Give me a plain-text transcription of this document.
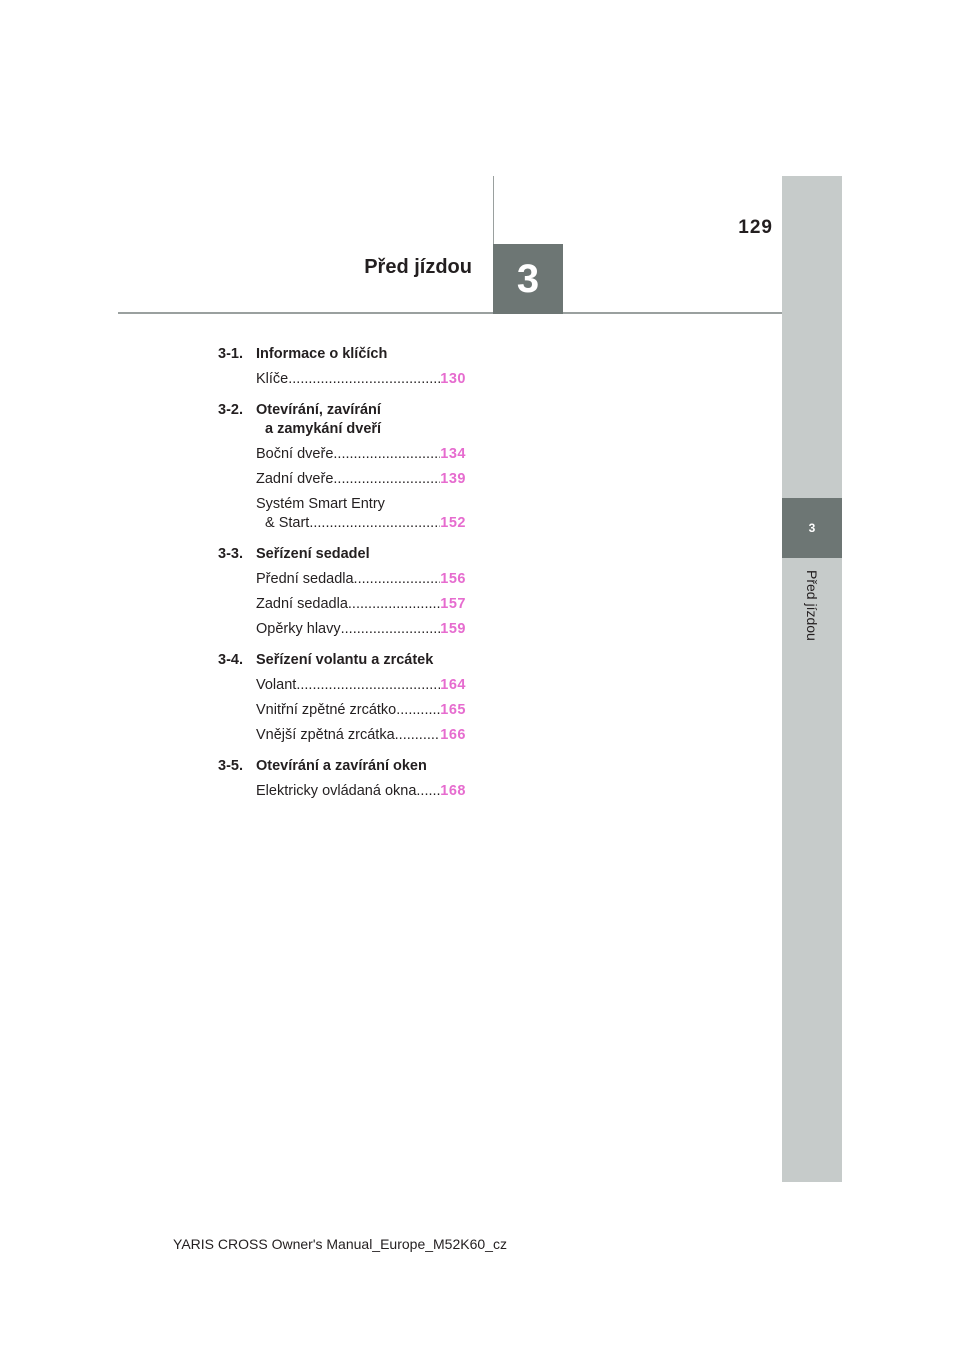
3
Před jízdou
129
Před jízdou 3
3-1. Informace o klíčích
Klíče .....	130
3-2. Otevírání, zavírání
a zamykání dveří
Boční dveře .....	134
Zadní dveře .....	139
Systém Smart Entry
& Start .....	152
3-3. Seřízení sedadel
Přední sedadla .....	156
Zadní sedadla .....	157
Opěrky hlavy .....	159
3-4. Seřízení volantu a zrcátek
Volant .....	164
Vnitřní zpětné zrcátko .....	165
Vnější zpětná zrcátka .....	166
3-5. Otevírání a zavírání oken
Elektricky ovládaná okna ..... 168
YARIS CROSS Owner's Manual_Europe_M52K60_cz
